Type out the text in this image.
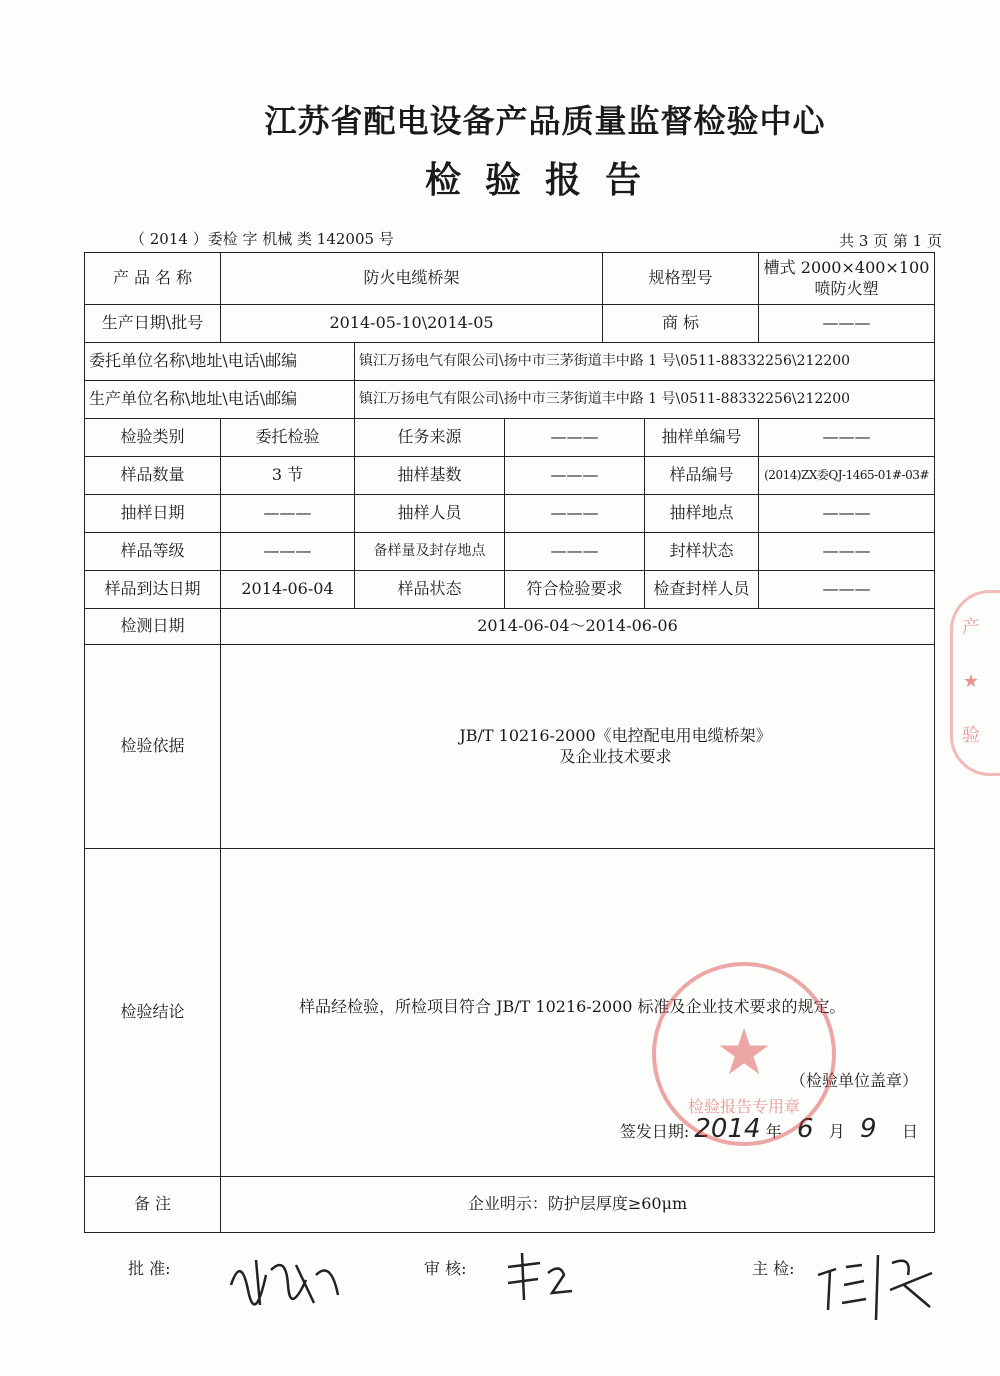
江苏省配电设备产品质量监督检验中心
检验报告
（ 2014 ）委检 字 机械 类 142005 号	共 3 页 第 1 页
产 品 名 称	防火电缆桥架			规格型号		槽式 2000×400×100
喷防火塑

生产日期\批号	2014-05-10\2014-05			商 标		———
委托单位名称\地址\电话\邮编		镇江万扬电气有限公司\扬中市三茅街道丰中路 1 号\0511-88332256\212200				
生产单位名称\地址\电话\邮编		镇江万扬电气有限公司\扬中市三茅街道丰中路 1 号\0511-88332256\212200				
检验类别	委托检验	任务来源	———		抽样单编号	———
样品数量	3 节	抽样基数	———		样品编号	(2014)ZX委QJ-1465-01#-03#
抽样日期	———	抽样人员	———		抽样地点	———
样品等级	———	备样量及封存地点	———		封样状态	———
样品到达日期	2014-06-04	样品状态	符合检验要求		检查封样人员	———
检测日期	2014-06-04～2014-06-06					
检验依据	JB/T 10216-2000《电控配电用电缆桥架》
及企业技术要求					

检验结论	样品经检验，所检项目符合 JB/T 10216-2000 标准及企业技术要求的规定。
（检验单位盖章）
签发日期: 2014 年 6 月 9 日					

备 注	企业明示：防护层厚度≥60μm					
★
检验报告专用章
产
★
验
批 准:	审 核:	主 检:
